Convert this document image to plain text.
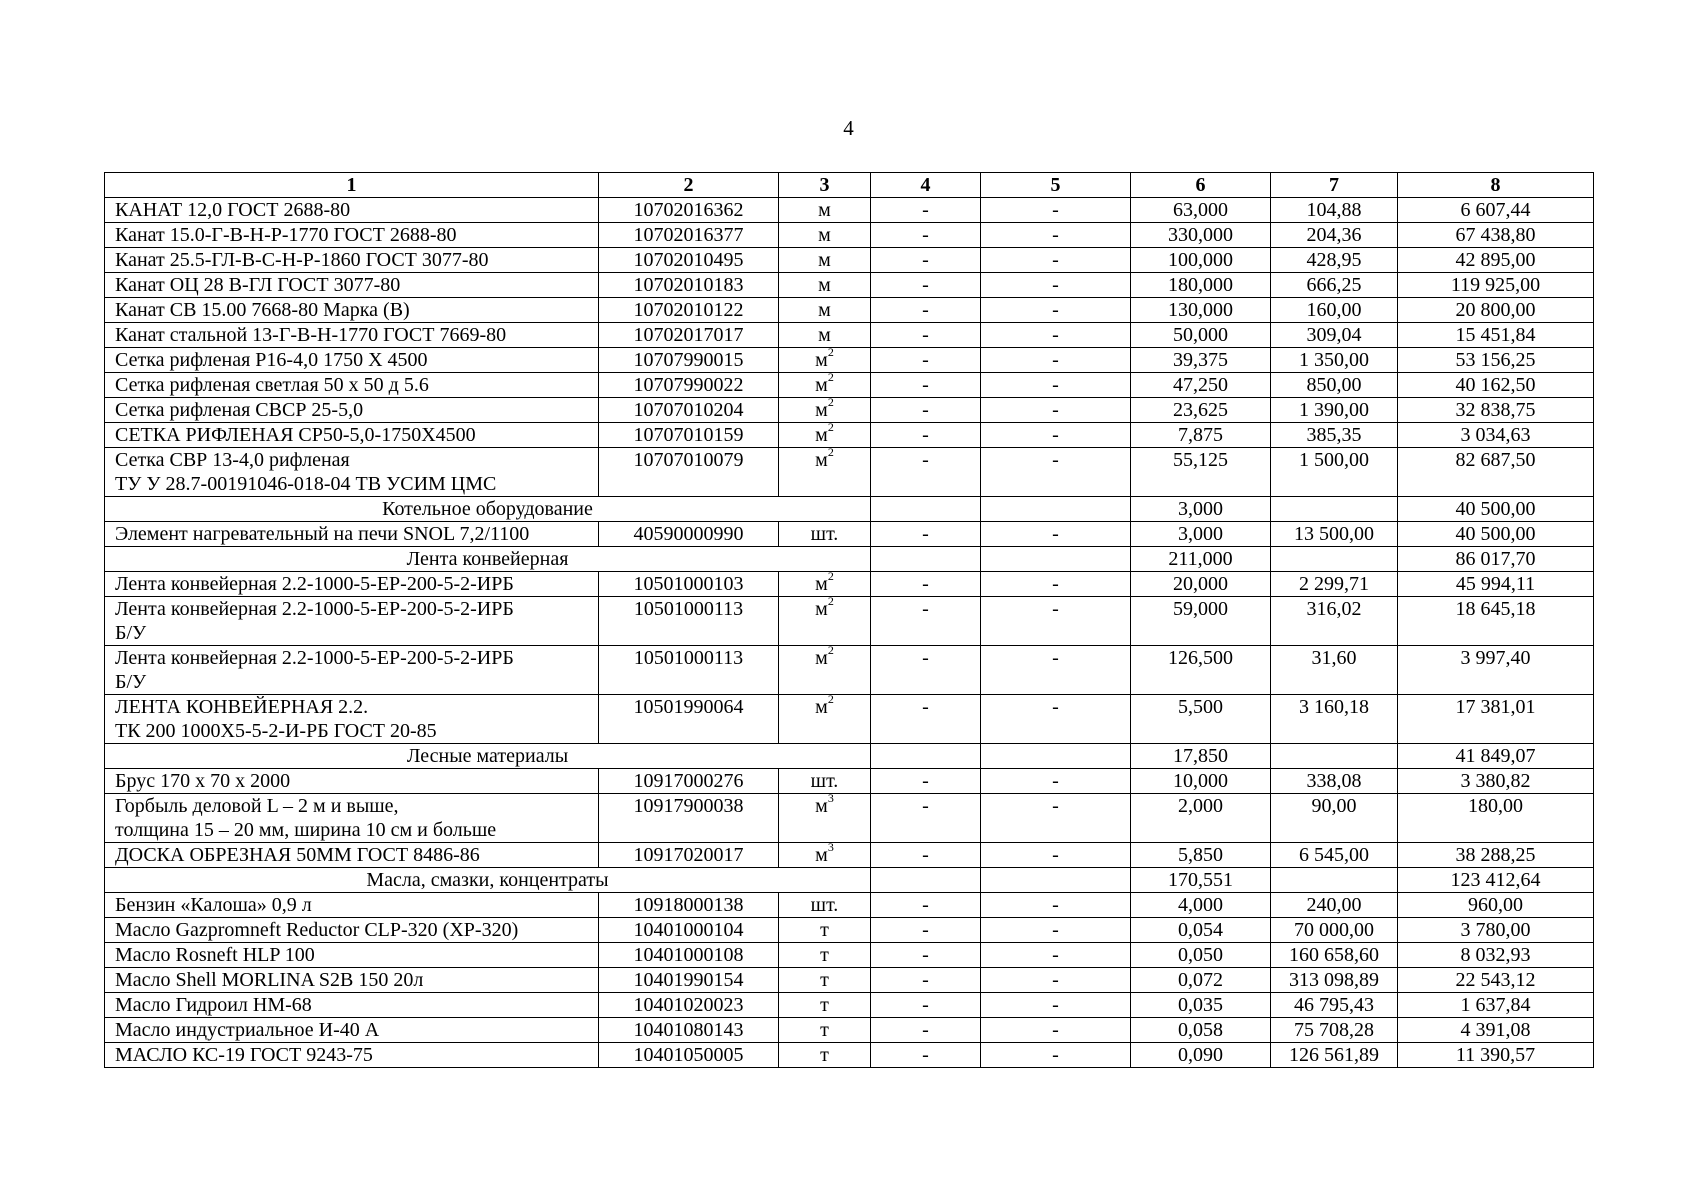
4
1	2	3	4	5	6	7	8

КАНАТ 12,0 ГОСТ 2688-80	10702016362	м	-	-	63,000	104,88	6 607,44

Канат 15.0-Г-В-Н-Р-1770 ГОСТ 2688-80	10702016377	м	-	-	330,000	204,36	67 438,80

Канат 25.5-ГЛ-В-С-Н-Р-1860 ГОСТ 3077-80	10702010495	м	-	-	100,000	428,95	42 895,00

Канат ОЦ 28 В-ГЛ ГОСТ 3077-80	10702010183	м	-	-	180,000	666,25	119 925,00

Канат СВ 15.00 7668-80 Марка (В)	10702010122	м	-	-	130,000	160,00	20 800,00

Канат стальной 13-Г-В-Н-1770 ГОСТ 7669-80	10702017017	м	-	-	50,000	309,04	15 451,84

Сетка рифленая Р16-4,0 1750 Х 4500	10707990015	$м^2$	-	-	39,375	1 350,00	53 156,25

Сетка рифленая светлая 50 х 50 д 5.6	10707990022	$м^2$	-	-	47,250	850,00	40 162,50

Сетка рифленая СВСР 25-5,0	10707010204	$м^2$	-	-	23,625	1 390,00	32 838,75

СЕТКА РИФЛЕНАЯ СР50-5,0-1750Х4500	10707010159	$м^2$	-	-	7,875	385,35	3 034,63

Сетка СВР 13-4,0 рифленая
ТУ У 28.7-00191046-018-04 ТВ УСИМ ЦМС	10707010079	$м^2$	-	-	55,125	1 500,00	82 687,50
Котельное оборудование					3,000		40 500,00

Элемент нагревательный на печи SNOL 7,2/1100	40590000990	шт.	-	-	3,000	13 500,00	40 500,00
Лента конвейерная					211,000		86 017,70

Лента конвейерная 2.2-1000-5-ЕР-200-5-2-ИРБ	10501000103	$м^2$	-	-	20,000	2 299,71	45 994,11

Лента конвейерная 2.2-1000-5-ЕР-200-5-2-ИРБ
Б/У	10501000113	$м^2$	-	-	59,000	316,02	18 645,18

Лента конвейерная 2.2-1000-5-ЕР-200-5-2-ИРБ
Б/У	10501000113	$м^2$	-	-	126,500	31,60	3 997,40

ЛЕНТА КОНВЕЙЕРНАЯ 2.2.
ТК 200 1000Х5-5-2-И-РБ ГОСТ 20-85	10501990064	$м^2$	-	-	5,500	3 160,18	17 381,01
Лесные материалы					17,850		41 849,07

Брус 170 х 70 х 2000	10917000276	шт.	-	-	10,000	338,08	3 380,82

Горбыль деловой L – 2 м и выше,
толщина 15 – 20 мм, ширина 10 см и больше	10917900038	$м^3$	-	-	2,000	90,00	180,00

ДОСКА ОБРЕЗНАЯ 50ММ ГОСТ 8486-86	10917020017	$м^3$	-	-	5,850	6 545,00	38 288,25
Масла, смазки, концентраты					170,551		123 412,64

Бензин «Калоша» 0,9 л	10918000138	шт.	-	-	4,000	240,00	960,00

Масло Gazpromneft Reductor CLP-320 (ХР-320)	10401000104	т	-	-	0,054	70 000,00	3 780,00

Масло Rosneft HLP 100	10401000108	т	-	-	0,050	160 658,60	8 032,93

Масло Shell MORLINA S2B 150 20л	10401990154	т	-	-	0,072	313 098,89	22 543,12

Масло Гидроил НМ-68	10401020023	т	-	-	0,035	46 795,43	1 637,84

Масло индустриальное И-40 А	10401080143	т	-	-	0,058	75 708,28	4 391,08

МАСЛО КС-19 ГОСТ 9243-75	10401050005	т	-	-	0,090	126 561,89	11 390,57
